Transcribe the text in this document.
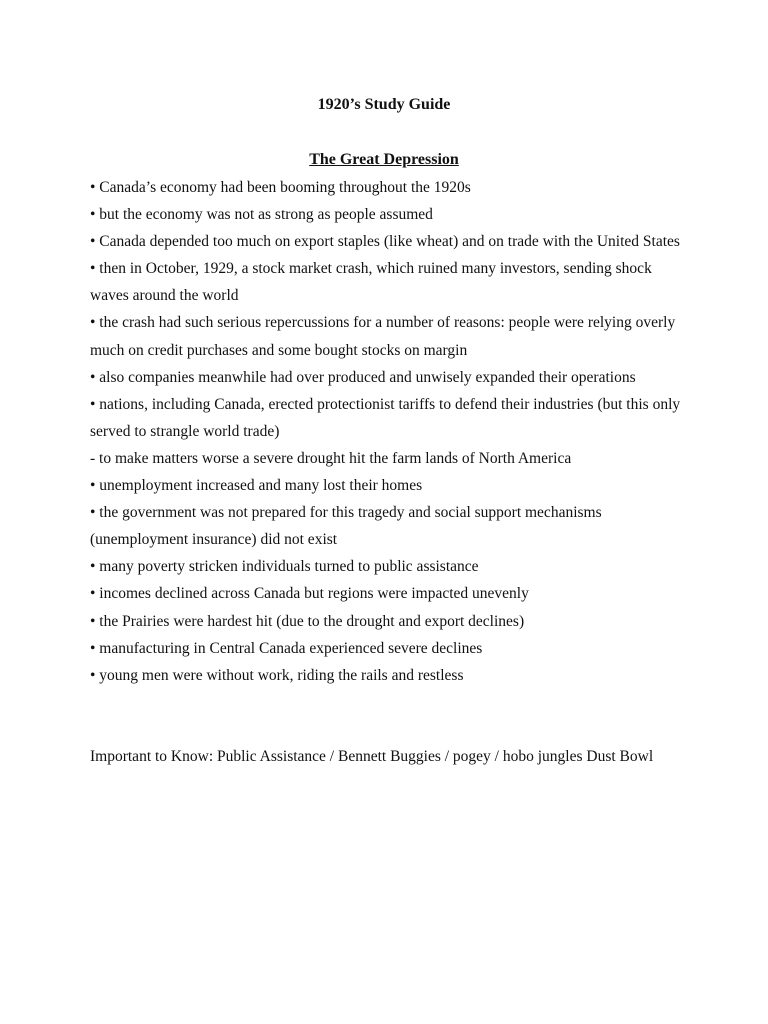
1920’s Study Guide
The Great Depression
• Canada’s economy had been booming throughout the 1920s
• but the economy was not as strong as people assumed
• Canada depended too much on export staples (like wheat) and on trade with the United States
• then in October, 1929, a stock market crash, which ruined many investors, sending shock waves around the world
• the crash had such serious repercussions for a number of reasons: people were relying overly much on credit purchases and some bought stocks on margin
• also companies meanwhile had over produced and unwisely expanded their operations
• nations, including Canada, erected protectionist tariffs to defend their industries (but this only served to strangle world trade)
- to make matters worse a severe drought hit the farm lands of North America
• unemployment increased and many lost their homes
• the government was not prepared for this tragedy and social support mechanisms (unemployment insurance) did not exist
• many poverty stricken individuals turned to public assistance
• incomes declined across Canada but regions were impacted unevenly
• the Prairies were hardest hit (due to the drought and export declines)
• manufacturing in Central Canada experienced severe declines
• young men were without work, riding the rails and restless

Important to Know: Public Assistance / Bennett Buggies / pogey / hobo jungles Dust Bowl
